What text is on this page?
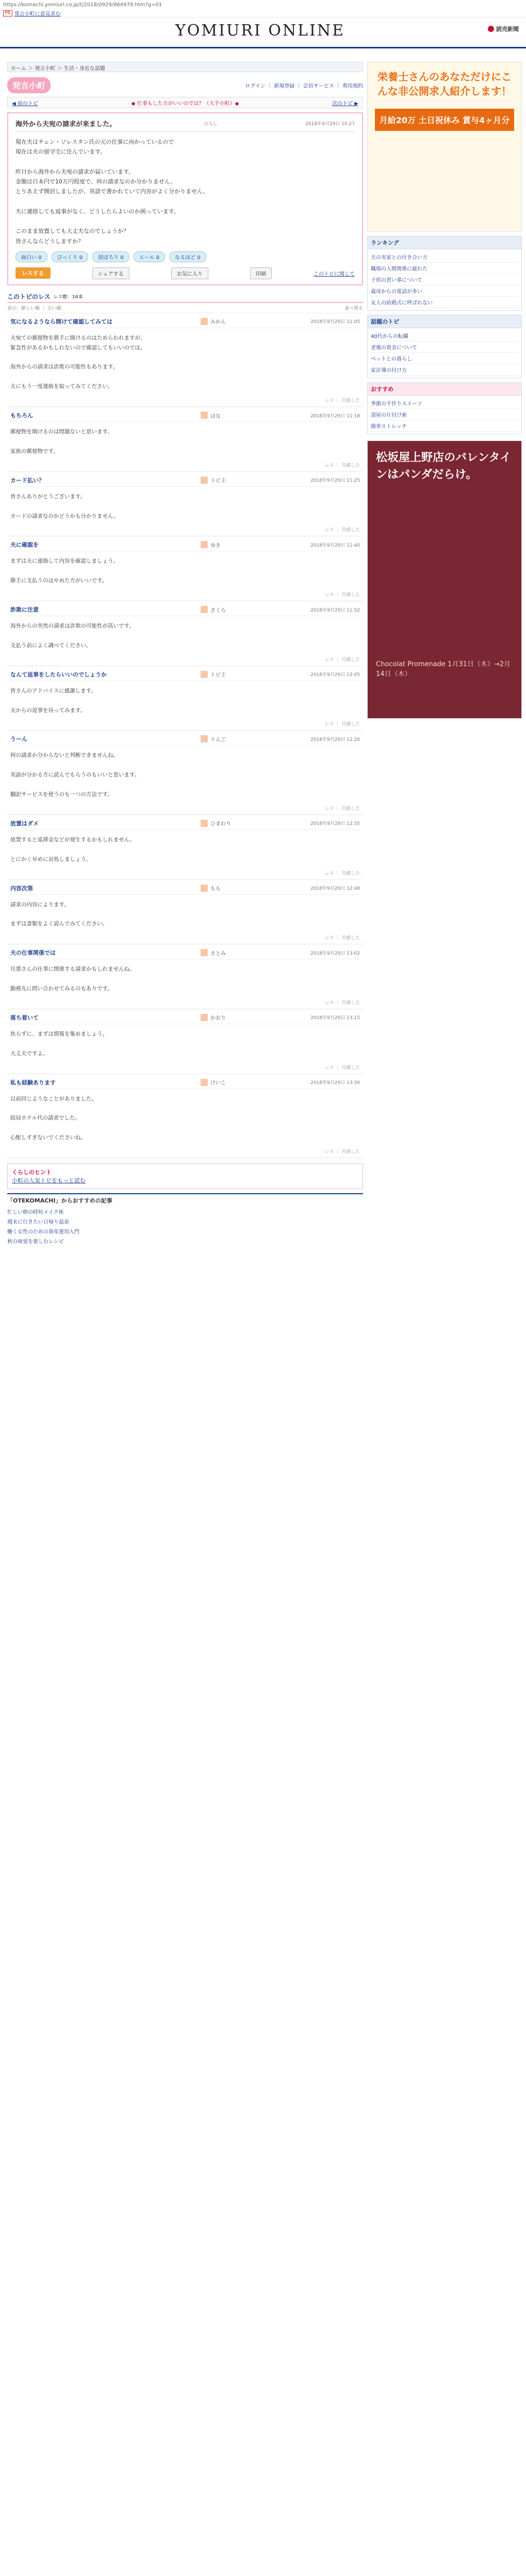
https://komachi.yomiuri.co.jp/t/2018/0929/864979.htm?g=01
PR 発言小町に意見求む
YOMIURI ONLINE	読売新聞
ホーム ＞ 発言小町 ＞ 生活・身近な話題
発言小町	ログイン ｜ 新規登録 ｜ 会員サービス ｜ 利用規約
◀ 前のトピ	◆ 仕事もした方がいいのでは？（大手小町）◆	次のトピ ▶
海外から夫宛の請求が来ました。	ひろし	2018年9月29日 10:27
現在夫はチェン・ソレスタン氏の元の仕事に向かっているので
現在は夫の留守宅に住んでいます。

昨日から海外から夫宛の請求が届いています。
金額は日本円で10万円程度で、何の請求なのか分かりません。
とりあえず開封しましたが、英語で書かれていて内容がよく分かりません。

夫に連絡しても返事がなく、どうしたらよいのか困っています。

このまま放置しても大丈夫なのでしょうか？
皆さんならどうしますか？
面白い 0	びっくり 0	涙ぽろり 0	エール 0	なるほど 0
レスする	シェアする	お気に入り	印刷	このトピに関して
このトピのレス レス数：16本
表示：新しい順 ｜ 古い順	並べ替え
気になるようなら開けて確認してみては	みかん	2018年9月29日 11:05
夫宛ての郵便物を勝手に開けるのはためらわれますが、
緊急性があるかもしれないので確認してもいいのでは。

海外からの請求は詐欺の可能性もあります。

夫にもう一度連絡を取ってみてください。
レス ｜ 共感した
もちろん	はな	2018年9月29日 11:18
郵便物を開けるのは問題ないと思います。

家族の郵便物です。
レス ｜ 共感した
カード払い？	トピ主	2018年9月29日 11:25
皆さんありがとうございます。

カードの請求なのかどうかも分かりません。
レス ｜ 共感した
夫に確認を	ゆき	2018年9月29日 11:40
まずは夫に連絡して内容を確認しましょう。

勝手に支払うのはやめた方がいいです。
レス ｜ 共感した
詐欺に注意	さくら	2018年9月29日 11:52
海外からの突然の請求は詐欺の可能性が高いです。

支払う前によく調べてください。
レス ｜ 共感した
なんて返事をしたらいいのでしょうか	トピ主	2018年9月29日 12:05
皆さんのアドバイスに感謝します。

夫からの返事を待ってみます。
レス ｜ 共感した
うーん	りんご	2018年9月29日 12:20
何の請求か分からないと判断できませんね。

英語が分かる方に読んでもらうのもいいと思います。

翻訳サービスを使うのも一つの方法です。
レス ｜ 共感した
放置はダメ	ひまわり	2018年9月29日 12:35
放置すると延滞金などが発生するかもしれません。

とにかく早めに対処しましょう。
レス ｜ 共感した
内容次第	もも	2018年9月29日 12:48
請求の内容によります。

まずは書類をよく読んでみてください。
レス ｜ 共感した
夫の仕事関係では	さとみ	2018年9月29日 13:02
旦那さんの仕事に関係する請求かもしれませんね。

勤務先に問い合わせてみるのもありです。
レス ｜ 共感した
落ち着いて	かおり	2018年9月29日 13:15
焦らずに、まずは情報を集めましょう。

大丈夫ですよ。
レス ｜ 共感した
私も経験あります	けいこ	2018年9月29日 13:30
以前同じようなことがありました。

結局ホテル代の請求でした。

心配しすぎないでくださいね。
レス ｜ 共感した
くらしのヒント
小町の人気トピをもっと読む
「OTEKOMACHI」からおすすめの記事
忙しい朝の時短メイク術
週末に行きたい日帰り温泉
働く女性のための資産運用入門
秋の味覚を楽しむレシピ
栄養士さんのあなただけにこんな非公開求人紹介します！
月給20万 土日祝休み 賞与4ヶ月分
ランキング
夫の実家との付き合い方
職場の人間関係に疲れた
子供の習い事について
義母からの電話が多い
友人の結婚式に呼ばれない
話題のトピ
40代からの転職
老後の資金について
ペットとの暮らし
家計簿の付け方
おすすめ
季節の手作りスイーツ
部屋の片付け術
簡単ストレッチ
松坂屋上野店のバレンタインはパンダだらけ。
Chocolat Promenade 1月31日（木）→2月14日（木）
